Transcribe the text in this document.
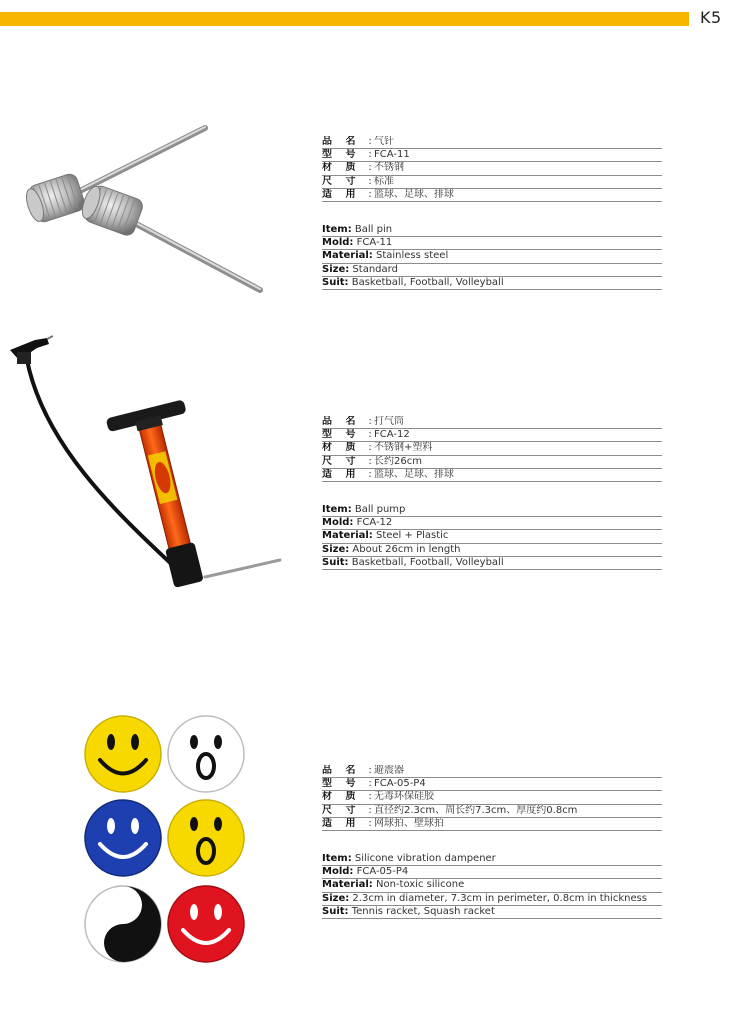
K5
品　 名 : 气针
型　 号 : FCA-11
材　 质 : 不锈钢
尺　 寸 : 标准
适　 用 : 篮球、足球、排球
Item: Ball pin
Mold: FCA-11
Material: Stainless steel
Size: Standard
Suit: Basketball, Football, Volleyball
品　 名 : 打气筒
型　 号 : FCA-12
材　 质 : 不锈钢+塑料
尺　 寸 : 长约26cm
适　 用 : 篮球、足球、排球
Item: Ball pump
Mold: FCA-12
Material: Steel + Plastic
Size: About 26cm in length
Suit: Basketball, Football, Volleyball
品　 名 : 避震器
型　 号 : FCA-05-P4
材　 质 : 无毒环保硅胶
尺　 寸 : 直径约2.3cm、周长约7.3cm、厚度约0.8cm
适　 用 : 网球拍、壁球拍
Item: Silicone vibration dampener
Mold: FCA-05-P4
Material: Non-toxic silicone
Size: 2.3cm in diameter, 7.3cm in perimeter, 0.8cm in thickness
Suit: Tennis racket, Squash racket
